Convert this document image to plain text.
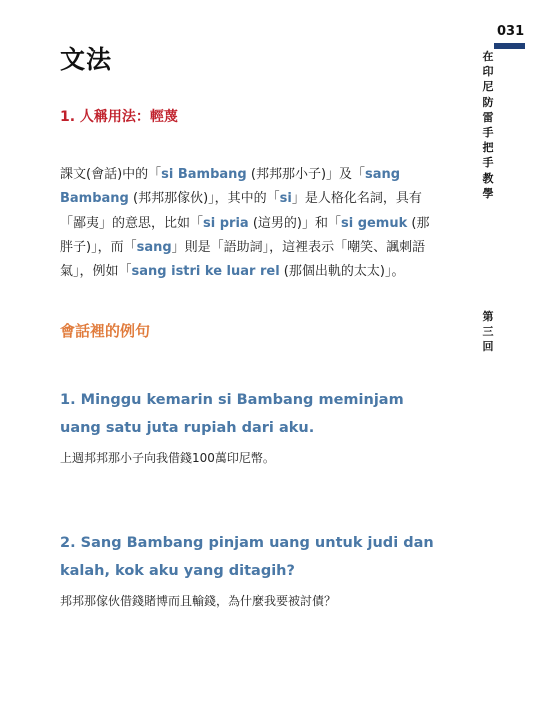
文法
1. 人稱用法：輕蔑
課文(會話)中的「si Bambang (邦邦那小子)」及「sang Bambang (邦邦那傢伙)」，其中的「si」是人格化名詞，具有「鄙夷」的意思，比如「si pria (這男的)」和「si gemuk (那胖子)」，而「sang」則是「語助詞」，這裡表示「嘲笑、諷刺語氣」，例如「sang istri ke luar rel (那個出軌的太太)」。
會話裡的例句
1. Minggu kemarin si Bambang meminjam uang satu juta rupiah dari aku.
上週邦邦那小子向我借錢100萬印尼幣。
2. Sang Bambang pinjam uang untuk judi dan kalah, kok aku yang ditagih?
邦邦那傢伙借錢賭博而且輸錢，為什麼我要被討債？
031
在印尼防雷手把手教學
第三回
